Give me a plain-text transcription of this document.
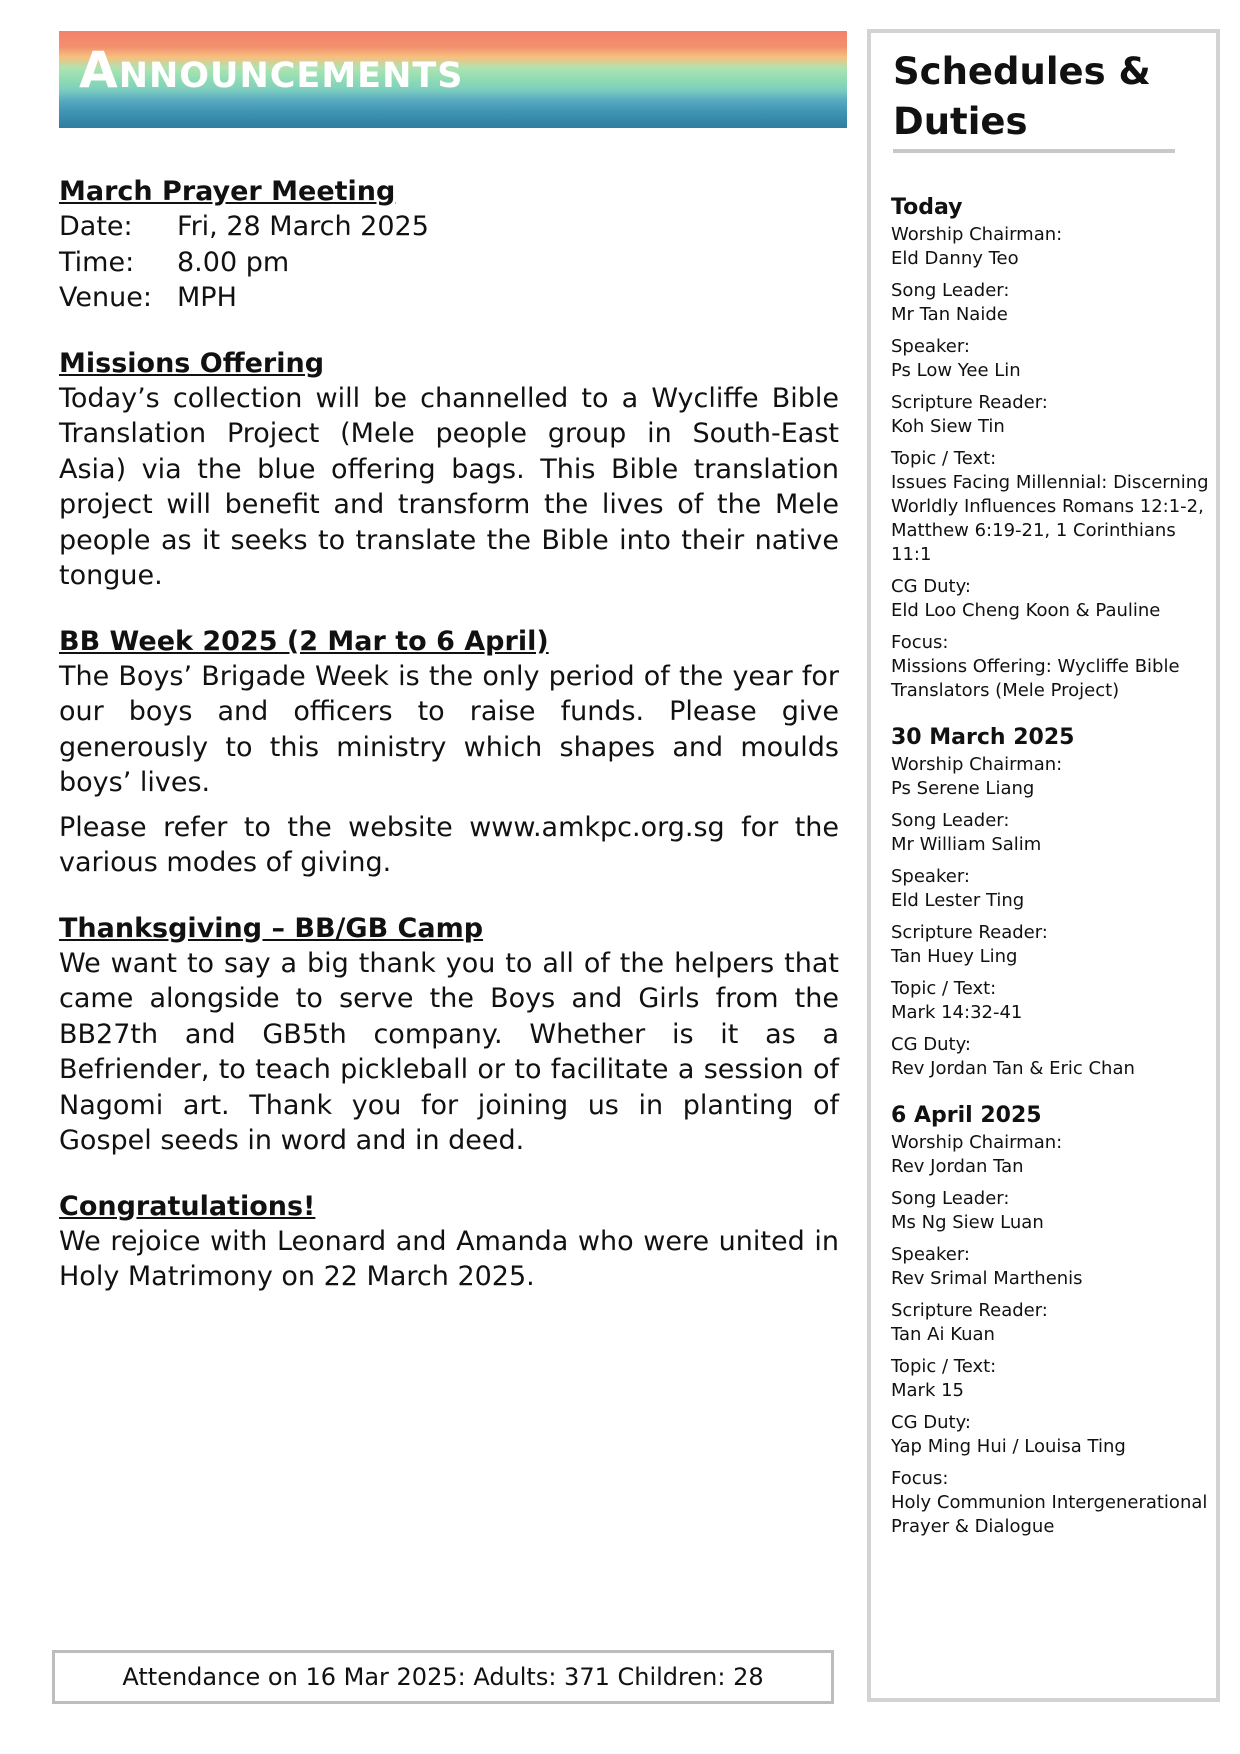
Announcements

March Prayer Meeting

Date:	Fri, 28 March 2025
Time:	8.00 pm
Venue: MPH

Missions Offering

Today’s collection will be channelled to a Wycliffe Bible Translation Project (Mele people group in South-East Asia) via the blue offering bags. This Bible translation project will benefit and transform the lives of the Mele people as it seeks to translate the Bible into their native tongue.

BB Week 2025 (2 Mar to 6 April)

The Boys’ Brigade Week is the only period of the year for our boys and officers to raise funds. Please give generously to this ministry which shapes and moulds boys’ lives.

Please refer to the website www.amkpc.org.sg for the various modes of giving.

Thanksgiving – BB/GB Camp

We want to say a big thank you to all of the helpers that came alongside to serve the Boys and Girls from the BB27th and GB5th company. Whether is it as a Befriender, to teach pickleball or to facilitate a session of Nagomi art. Thank you for joining us in planting of Gospel seeds in word and in deed.

Congratulations!

We rejoice with Leonard and Amanda who were united in Holy Matrimony on 22 March 2025.

Attendance on 16 Mar 2025: Adults: 371 Children: 28
Schedules &
Duties
Today
Worship Chairman:
Eld Danny Teo
Song Leader:
Mr Tan Naide
Speaker:
Ps Low Yee Lin
Scripture Reader:
Koh Siew Tin
Topic / Text:
Issues Facing Millennial: Discerning Worldly Influences Romans 12:1-2, Matthew 6:19-21, 1 Corinthians 11:1
CG Duty:
Eld Loo Cheng Koon & Pauline
Focus:
Missions Offering: Wycliffe Bible Translators (Mele Project)
30 March 2025
Worship Chairman:
Ps Serene Liang
Song Leader:
Mr William Salim
Speaker:
Eld Lester Ting
Scripture Reader:
Tan Huey Ling
Topic / Text:
Mark 14:32-41
CG Duty:
Rev Jordan Tan & Eric Chan
6 April 2025
Worship Chairman:
Rev Jordan Tan
Song Leader:
Ms Ng Siew Luan
Speaker:
Rev Srimal Marthenis
Scripture Reader:
Tan Ai Kuan
Topic / Text:
Mark 15
CG Duty:
Yap Ming Hui / Louisa Ting
Focus:
Holy Communion Intergenerational Prayer & Dialogue
